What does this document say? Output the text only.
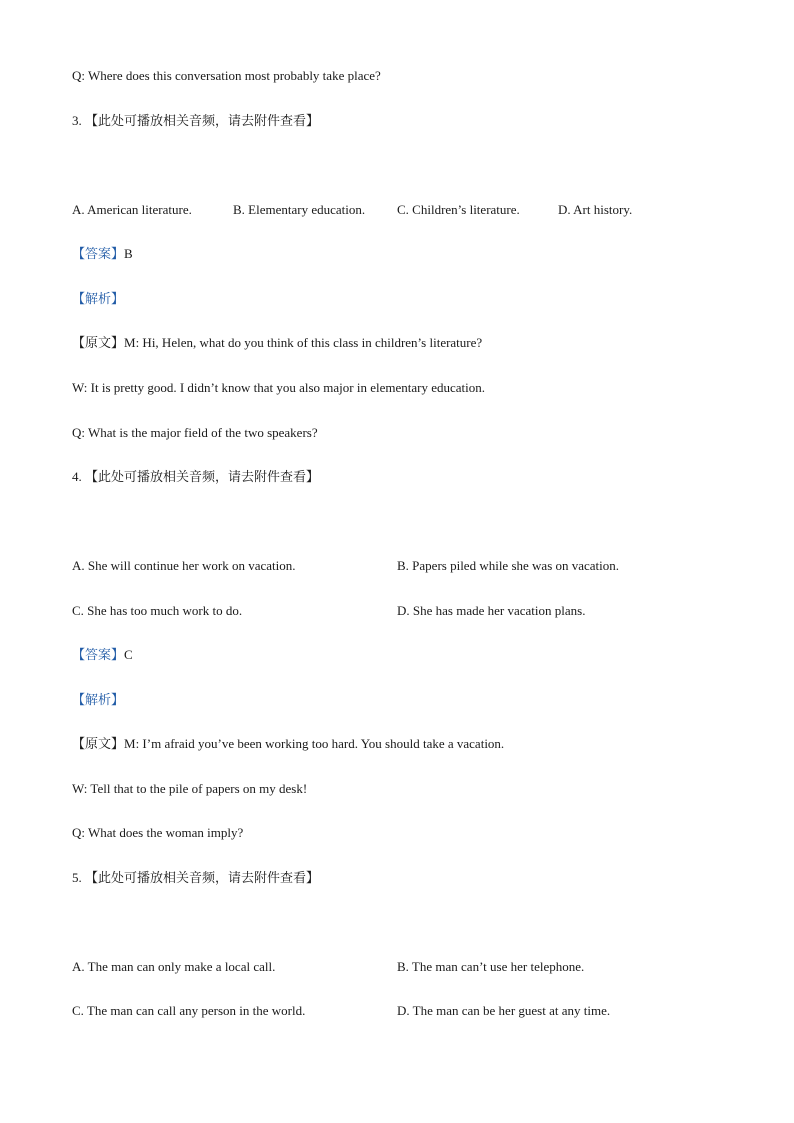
Q: Where does this conversation most probably take place?
3. 【此处可播放相关音频，请去附件查看】
A. American literature.	B. Elementary education. C. Children’s literature.	D. Art history.
【答案】B
【解析】
【原文】M: Hi, Helen, what do you think of this class in children’s literature?
W: It is pretty good. I didn’t know that you also major in elementary education.
Q: What is the major field of the two speakers?
4. 【此处可播放相关音频，请去附件查看】
A. She will continue her work on vacation.	B. Papers piled while she was on vacation.
C. She has too much work to do.	D. She has made her vacation plans.
【答案】C
【解析】
【原文】M: I’m afraid you’ve been working too hard. You should take a vacation.
W: Tell that to the pile of papers on my desk!
Q: What does the woman imply?
5. 【此处可播放相关音频，请去附件查看】
A. The man can only make a local call.	B. The man can’t use her telephone.
C. The man can call any person in the world.	D. The man can be her guest at any time.
